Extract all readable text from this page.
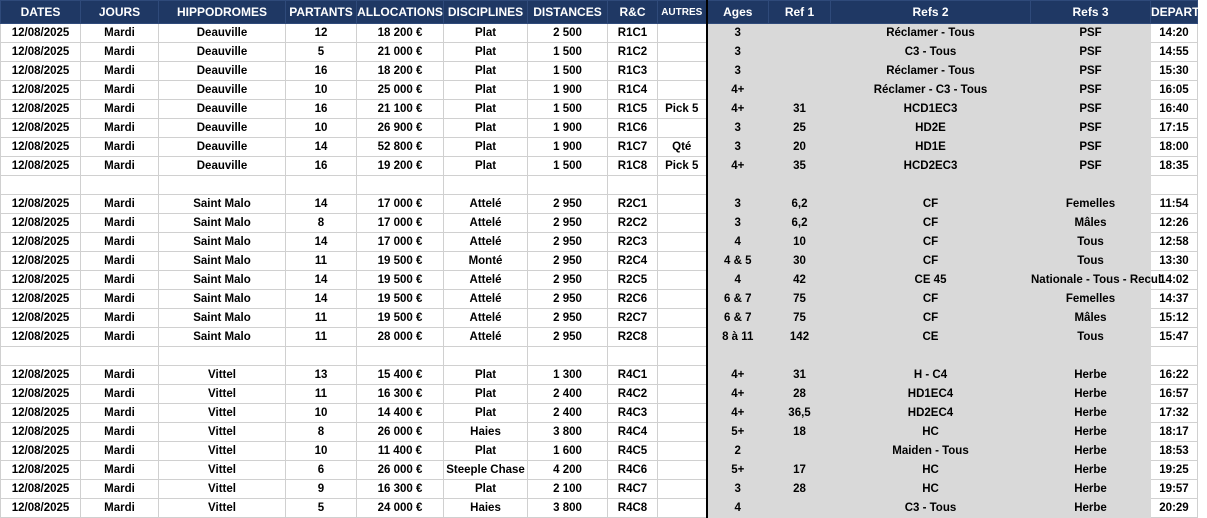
DATES	JOURS	HIPPODROMES	PARTANTS	ALLOCATIONS	DISCIPLINES	DISTANCES	R&C	AUTRES	Ages	Ref 1	Refs 2	Refs 3	DEPARTS
12/08/2025	Mardi	Deauville	12	18 200 €	Plat	2 500	R1C1		3		Réclamer - Tous	PSF	14:20
12/08/2025	Mardi	Deauville	5	21 000 €	Plat	1 500	R1C2		3		C3 - Tous	PSF	14:55
12/08/2025	Mardi	Deauville	16	18 200 €	Plat	1 500	R1C3		3		Réclamer - Tous	PSF	15:30
12/08/2025	Mardi	Deauville	10	25 000 €	Plat	1 900	R1C4		4+		Réclamer - C3 - Tous	PSF	16:05
12/08/2025	Mardi	Deauville	16	21 100 €	Plat	1 500	R1C5	Pick 5	4+	31	HCD1EC3	PSF	16:40
12/08/2025	Mardi	Deauville	10	26 900 €	Plat	1 900	R1C6		3	25	HD2E	PSF	17:15
12/08/2025	Mardi	Deauville	14	52 800 €	Plat	1 900	R1C7	Qté	3	20	HD1E	PSF	18:00
12/08/2025	Mardi	Deauville	16	19 200 €	Plat	1 500	R1C8	Pick 5	4+	35	HCD2EC3	PSF	18:35

12/08/2025	Mardi	Saint Malo	14	17 000 €	Attelé	2 950	R2C1		3	6,2	CF	Femelles	11:54
12/08/2025	Mardi	Saint Malo	8	17 000 €	Attelé	2 950	R2C2		3	6,2	CF	Mâles	12:26
12/08/2025	Mardi	Saint Malo	14	17 000 €	Attelé	2 950	R2C3		4	10	CF	Tous	12:58
12/08/2025	Mardi	Saint Malo	11	19 500 €	Monté	2 950	R2C4		4 & 5	30	CF	Tous	13:30
12/08/2025	Mardi	Saint Malo	14	19 500 €	Attelé	2 950	R2C5		4	42	CE 45	Nationale - Tous - Recul	14:02
12/08/2025	Mardi	Saint Malo	14	19 500 €	Attelé	2 950	R2C6		6 & 7	75	CF	Femelles	14:37
12/08/2025	Mardi	Saint Malo	11	19 500 €	Attelé	2 950	R2C7		6 & 7	75	CF	Mâles	15:12
12/08/2025	Mardi	Saint Malo	11	28 000 €	Attelé	2 950	R2C8		8 à 11	142	CE	Tous	15:47

12/08/2025	Mardi	Vittel	13	15 400 €	Plat	1 300	R4C1		4+	31	H - C4	Herbe	16:22
12/08/2025	Mardi	Vittel	11	16 300 €	Plat	2 400	R4C2		4+	28	HD1EC4	Herbe	16:57
12/08/2025	Mardi	Vittel	10	14 400 €	Plat	2 400	R4C3		4+	36,5	HD2EC4	Herbe	17:32
12/08/2025	Mardi	Vittel	8	26 000 €	Haies	3 800	R4C4		5+	18	HC	Herbe	18:17
12/08/2025	Mardi	Vittel	10	11 400 €	Plat	1 600	R4C5		2		Maiden - Tous	Herbe	18:53
12/08/2025	Mardi	Vittel	6	26 000 €	Steeple Chase	4 200	R4C6		5+	17	HC	Herbe	19:25
12/08/2025	Mardi	Vittel	9	16 300 €	Plat	2 100	R4C7		3	28	HC	Herbe	19:57
12/08/2025	Mardi	Vittel	5	24 000 €	Haies	3 800	R4C8		4		C3 - Tous	Herbe	20:29
